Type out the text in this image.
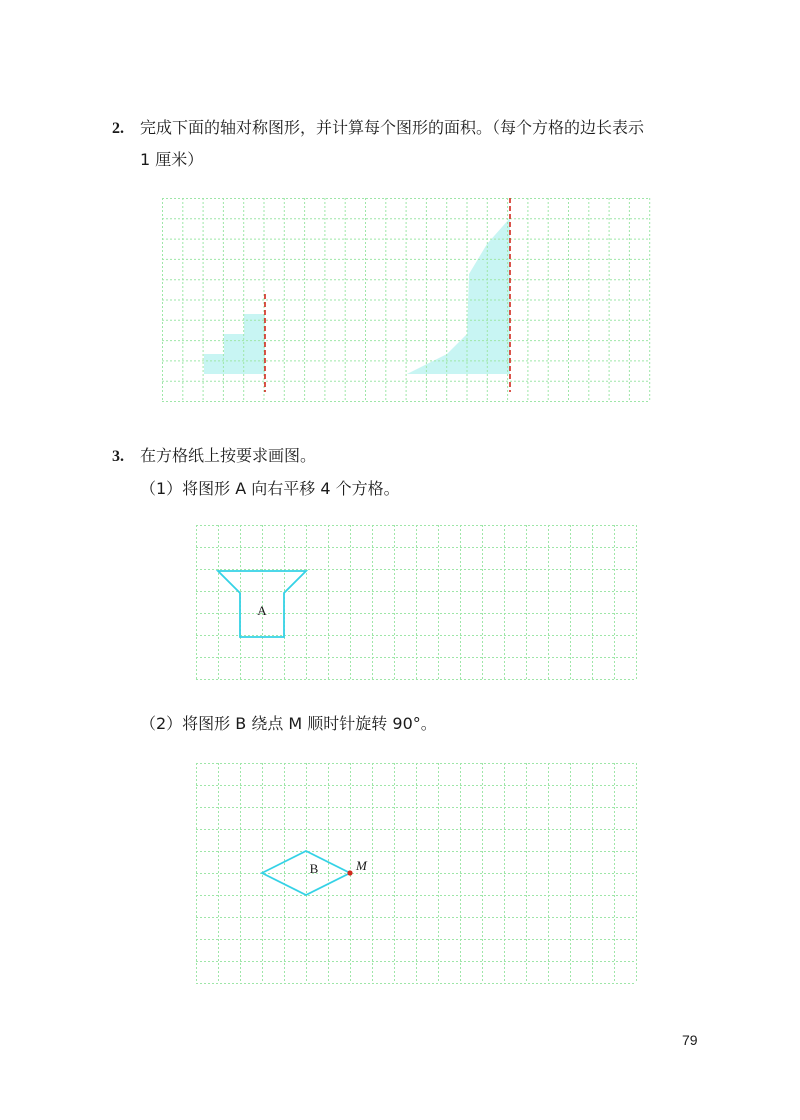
2. 完成下面的轴对称图形，并计算每个图形的面积。（每个方格的边长表示
1 厘米）
3. 在方格纸上按要求画图。
（1）将图形 A 向右平移 4 个方格。
A
（2）将图形 B 绕点 M 顺时针旋转 90°。
B	M
79
